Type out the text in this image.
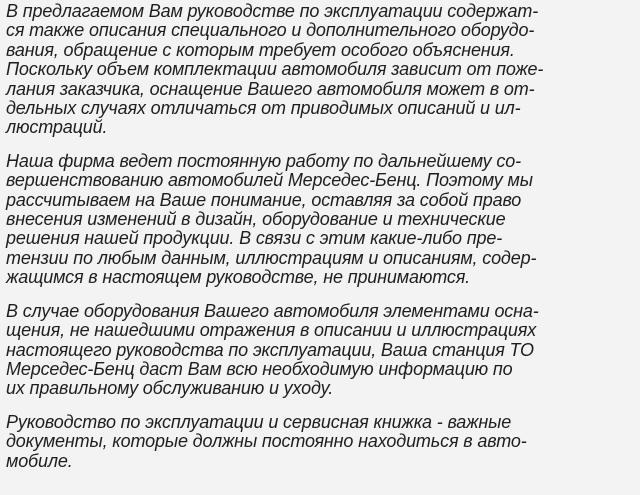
В предлагаемом Вам руководстве по эксплуатации содержат-
ся также описания специального и дополнительного оборудо-
вания, обращение с которым требует особого объяснения.
Поскольку объем комплектации автомобиля зависит от поже-
лания заказчика, оснащение Вашего автомобиля может в от-
дельных случаях отличаться от приводимых описаний и ил-
люстраций.

Наша фирма ведет постоянную работу по дальнейшему со-
вершенствованию автомобилей Мерседес-Бенц. Поэтому мы
рассчитываем на Ваше понимание, оставляя за собой право
внесения изменений в дизайн, оборудование и технические
решения нашей продукции. В связи с этим какие-либо пре-
тензии по любым данным, иллюстрациям и описаниям, содер-
жащимся в настоящем руководстве, не принимаются.

В случае оборудования Вашего автомобиля элементами осна-
щения, не нашедшими отражения в описании и иллюстрациях
настоящего руководства по эксплуатации, Ваша станция ТО
Мерседес-Бенц даст Вам всю необходимую информацию по
их правильному обслуживанию и уходу.

Руководство по эксплуатации и сервисная книжка - важные
документы, которые должны постоянно находиться в авто-
мобиле.
